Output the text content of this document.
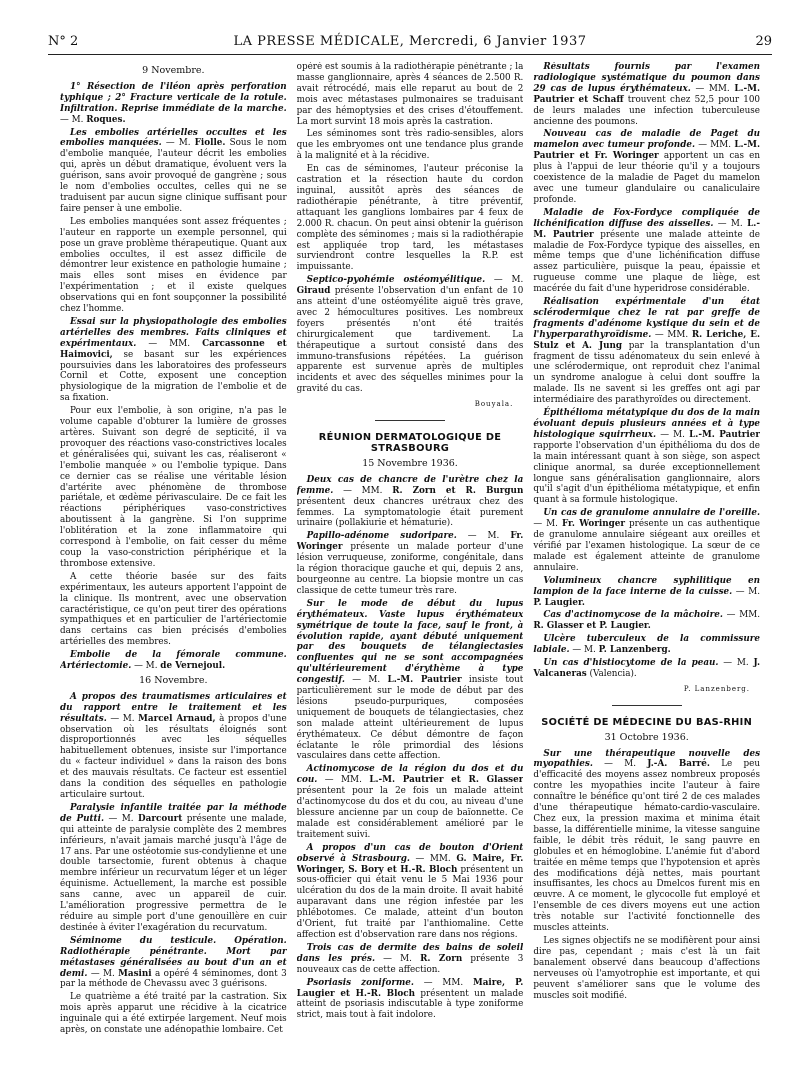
N° 2	LA PRESSE MÉDICALE, Mercredi, 6 Janvier 1937	29
9 Novembre.

1° Résection de l'iléon après perforation typhique ; 2° Fracture verticale de la rotule. Infiltration. Reprise immédiate de la marche. — M. Roques.

Les embolies artérielles occultes et les embolies manquées. — M. Fiolle. Sous le nom d'embolie manquée, l'auteur décrit les embolies qui, après un début dramatique, évoluent vers la guérison, sans avoir provoqué de gangrène ; sous le nom d'embolies occultes, celles qui ne se traduisent par aucun signe clinique suffisant pour faire penser à une embolie.

Les embolies manquées sont assez fréquentes ; l'auteur en rapporte un exemple personnel, qui pose un grave problème thérapeutique. Quant aux embolies occultes, il est assez difficile de démontrer leur existence en pathologie humaine ; mais elles sont mises en évidence par l'expérimentation ; et il existe quelques observations qui en font soupçonner la possibilité chez l'homme.

Essai sur la physiopathologie des embolies artérielles des membres. Faits cliniques et expérimentaux. — MM. Carcassonne et Haimovici, se basant sur les expériences poursuivies dans les laboratoires des professeurs Cornil et Cotte, exposent une conception physiologique de la migration de l'embolie et de sa fixation.

Pour eux l'embolie, à son origine, n'a pas le volume capable d'obturer la lumière de grosses artères. Suivant son degré de septicité, il va provoquer des réactions vaso-constrictives locales et généralisées qui, suivant les cas, réaliseront « l'embolie manquée » ou l'embolie typique. Dans ce dernier cas se réalise une véritable lésion d'artérite avec phénomène de thrombose pariétale, et œdème périvasculaire. De ce fait les réactions périphériques vaso-constrictives aboutissent à la gangrène. Si l'on supprime l'oblitération et la zone inflammatoire qui correspond à l'embolie, on fait cesser du même coup la vaso-constriction périphérique et la thrombose extensive.

A cette théorie basée sur des faits expérimentaux, les auteurs apportent l'appoint de la clinique. Ils montrent, avec une observation caractéristique, ce qu'on peut tirer des opérations sympathiques et en particulier de l'artériectomie dans certains cas bien précisés d'embolies artérielles des membres.

Embolie de la fémorale commune. Artériectomie. — M. de Vernejoul.

16 Novembre.

A propos des traumatismes articulaires et du rapport entre le traitement et les résultats. — M. Marcel Arnaud, à propos d'une observation où les résultats éloignés sont disproportionnés avec les séquelles habituellement obtenues, insiste sur l'importance du « facteur individuel » dans la raison des bons et des mauvais résultats. Ce facteur est essentiel dans la condition des séquelles en pathologie articulaire surtout.

Paralysie infantile traitée par la méthode de Putti. — M. Darcourt présente une malade, qui atteinte de paralysie complète des 2 membres inférieurs, n'avait jamais marché jusqu'à l'âge de 17 ans. Par une ostéotomie sus-condylienne et une double tarsectomie, furent obtenus à chaque membre inférieur un recurvatum léger et un léger équinisme. Actuellement, la marche est possible sans canne, avec un appareil de cuir. L'amélioration progressive permettra de le réduire au simple port d'une genouillère en cuir destinée à éviter l'exagération du recurvatum.

Séminome du testicule. Opération. Radiothérapie pénétrante. Mort par métastases généralisées au bout d'un an et demi. — M. Masini a opéré 4 séminomes, dont 3 par la méthode de Chevassu avec 3 guérisons.

Le quatrième a été traité par la castration. Six mois après apparut une récidive à la cicatrice inguinale qui a été extirpée largement. Neuf mois après, on constate une adénopathie lombaire. Cet

opéré est soumis à la radiothérapie pénétrante ; la masse ganglionnaire, après 4 séances de 2.500 R. avait rétrocédé, mais elle reparut au bout de 2 mois avec métastases pulmonaires se traduisant par des hémoptysies et des crises d'étouffement. La mort survint 18 mois après la castration.

Les séminomes sont très radio-sensibles, alors que les embryomes ont une tendance plus grande à la malignité et à la récidive.

En cas de séminomes, l'auteur préconise la castration et la résection haute du cordon inguinal, aussitôt après des séances de radiothérapie pénétrante, à titre préventif, attaquant les ganglions lombaires par 4 feux de 2.000 R. chacun. On peut ainsi obtenir la guérison complète des séminomes ; mais si la radiothérapie est appliquée trop tard, les métastases surviendront contre lesquelles la R.P. est impuissante.

Septico-pyohémie ostéomyélitique. — M. Giraud présente l'observation d'un enfant de 10 ans atteint d'une ostéomyélite aiguë très grave, avec 2 hémocultures positives. Les nombreux foyers présentés n'ont été traités chirurgicalement que tardivement. La thérapeutique a surtout consisté dans des immuno-transfusions répétées. La guérison apparente est survenue après de multiples incidents et avec des séquelles minimes pour la gravité du cas.

Bouyala.
RÉUNION DERMATOLOGIQUE DE STRASBOURG
15 Novembre 1936.

Deux cas de chancre de l'urètre chez la femme. — MM. R. Zorn et R. Burgun présentent deux chancres urétraux chez des femmes. La symptomatologie était purement urinaire (pollakiurie et hématurie).

Papillo-adénome sudoripare. — M. Fr. Woringer présente un malade porteur d'une lésion verruqueuse, zoniforme, congénitale, dans la région thoracique gauche et qui, depuis 2 ans, bourgeonne au centre. La biopsie montre un cas classique de cette tumeur très rare.

Sur le mode de début du lupus érythémateux. Vaste lupus érythémateux symétrique de toute la face, sauf le front, à évolution rapide, ayant débuté uniquement par des bouquets de télangiectasies confluentes qui ne se sont accompagnées qu'ultérieurement d'érythème à type congestif. — M. L.-M. Pautrier insiste tout particulièrement sur le mode de début par des lésions pseudo-purpuriques, composées uniquement de bouquets de télangiectasies, chez son malade atteint ultérieurement de lupus érythémateux. Ce début démontre de façon éclatante le rôle primordial des lésions vasculaires dans cette affection.

Actinomycose de la région du dos et du cou. — MM. L.-M. Pautrier et R. Glasser présentent pour la 2e fois un malade atteint d'actinomycose du dos et du cou, au niveau d'une blessure ancienne par un coup de baïonnette. Ce malade est considérablement amélioré par le traitement suivi.

A propos d'un cas de bouton d'Orient observé à Strasbourg. — MM. G. Maire, Fr. Woringer, S. Bory et H.-R. Bloch présentent un sous-officier qui était venu le 5 Mai 1936 pour ulcération du dos de la main droite. Il avait habité auparavant dans une région infestée par les phlébotomes. Ce malade, atteint d'un bouton d'Orient, fut traité par l'anthiomaline. Cette affection est d'observation rare dans nos régions.

Trois cas de dermite des bains de soleil dans les prés. — M. R. Zorn présente 3 nouveaux cas de cette affection.

Psoriasis zoniforme. — MM. Maire, P. Laugier et H.-R. Bloch présentent un malade atteint de psoriasis indiscutable à type zoniforme strict, mais tout à fait indolore.

Résultats fournis par l'examen radiologique systématique du poumon dans 29 cas de lupus érythémateux. — MM. L.-M. Pautrier et Schaff trouvent chez 52,5 pour 100 de leurs malades une infection tuberculeuse ancienne des poumons.

Nouveau cas de maladie de Paget du mamelon avec tumeur profonde. — MM. L.-M. Pautrier et Fr. Woringer apportent un cas en plus à l'appui de leur théorie qu'il y a toujours coexistence de la maladie de Paget du mamelon avec une tumeur glandulaire ou canaliculaire profonde.

Maladie de Fox-Fordyce compliquée de lichénification diffuse des aisselles. — M. L.-M. Pautrier présente une malade atteinte de maladie de Fox-Fordyce typique des aisselles, en même temps que d'une lichénification diffuse assez particulière, puisque la peau, épaissie et rugueuse comme une plaque de liège, est macérée du fait d'une hyperidrose considérable.

Réalisation expérimentale d'un état sclérodermique chez le rat par greffe de fragments d'adénome kystique du sein et de l'hyperparathyroïdisme. — MM. R. Leriche, E. Stulz et A. Jung par la transplantation d'un fragment de tissu adénomateux du sein enlevé à une sclérodermique, ont reproduit chez l'animal un syndrome analogue à celui dont souffre la malade. Ils ne savent si les greffes ont agi par intermédiaire des parathyroïdes ou directement.

Épithélioma métatypique du dos de la main évoluant depuis plusieurs années et à type histologique squirrheux. — M. L.-M. Pautrier rapporte l'observation d'un épithélioma du dos de la main intéressant quant à son siège, son aspect clinique anormal, sa durée exceptionnellement longue sans généralisation ganglionnaire, alors qu'il s'agit d'un épithélioma métatypique, et enfin quant à sa formule histologique.

Un cas de granulome annulaire de l'oreille. — M. Fr. Woringer présente un cas authentique de granulome annulaire siégeant aux oreilles et vérifié par l'examen histologique. La sœur de ce malade est également atteinte de granulome annulaire.

Volumineux chancre syphilitique en lampion de la face interne de la cuisse. — M. P. Laugier.

Cas d'actinomycose de la mâchoire. — MM. R. Glasser et P. Laugier.

Ulcère tuberculeux de la commissure labiale. — M. P. Lanzenberg.

Un cas d'histiocytome de la peau. — M. J. Valcaneras (Valencia).

P. Lanzenberg.
SOCIÉTÉ DE MÉDECINE DU BAS-RHIN
31 Octobre 1936.

Sur une thérapeutique nouvelle des myopathies. — M. J.-A. Barré. Le peu d'efficacité des moyens assez nombreux proposés contre les myopathies incite l'auteur à faire connaître le bénéfice qu'ont tiré 2 de ces malades d'une thérapeutique hémato-cardio-vasculaire. Chez eux, la pression maxima et minima était basse, la différentielle minime, la vitesse sanguine faible, le débit très réduit, le sang pauvre en globules et en hémoglobine. L'anémie fut d'abord traitée en même temps que l'hypotension et après des modifications déjà nettes, mais pourtant insuffisantes, les chocs au Dmelcos furent mis en œuvre. A ce moment, le glycocolle fut employé et l'ensemble de ces divers moyens eut une action très notable sur l'activité fonctionnelle des muscles atteints.

Les signes objectifs ne se modifièrent pour ainsi dire pas, cependant ; mais c'est là un fait banalement observé dans beaucoup d'affections nerveuses où l'amyotrophie est importante, et qui peuvent s'améliorer sans que le volume des muscles soit modifié.
